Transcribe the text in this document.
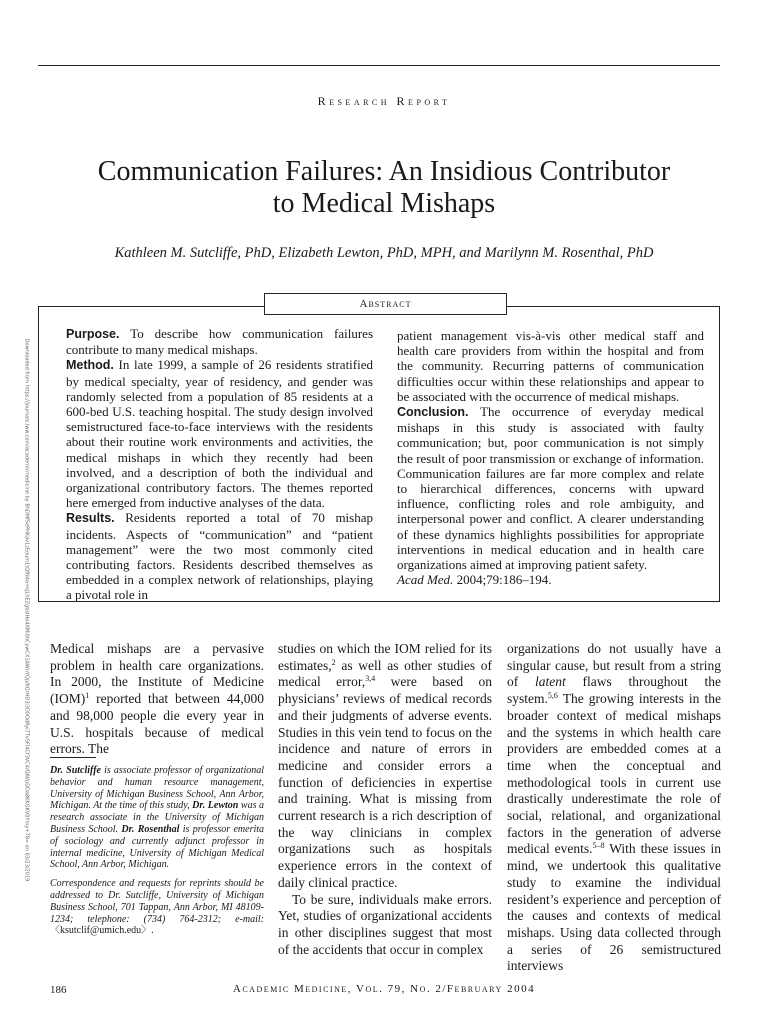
Research Report
Communication Failures: An Insidious Contributor
to Medical Mishaps
Kathleen M. Sutcliffe, PhD, Elizabeth Lewton, PhD, MPH, and Marilynn M. Rosenthal, PhD
Downloaded from https://journals.lww.com/academicmedicine by BhDMf5ePHKav1zEoum1tQfN4a+kJLhEZgbsIHo4XMi0hCywCX1AWnYQp/IlQrHD3i3D0OdRyi7TvSFl4Cf3VC4/OAVpDDa8KKGKV0Ymy+78= on 03/23/2019
Abstract

Purpose. To describe how communication failures contribute to many medical mishaps.

Method. In late 1999, a sample of 26 residents stratified by medical specialty, year of residency, and gender was randomly selected from a population of 85 residents at a 600-bed U.S. teaching hospital. The study design involved semistructured face-to-face interviews with the residents about their routine work environments and activities, the medical mishaps in which they recently had been involved, and a description of both the individual and organizational contributory factors. The themes reported here emerged from inductive analyses of the data.

Results. Residents reported a total of 70 mishap incidents. Aspects of “communication” and “patient management” were the two most commonly cited contributing factors. Residents described themselves as embedded in a complex network of relationships, playing a pivotal role in

patient management vis-à-vis other medical staff and health care providers from within the hospital and from the community. Recurring patterns of communication difficulties occur within these relationships and appear to be associated with the occurrence of medical mishaps.

Conclusion. The occurrence of everyday medical mishaps in this study is associated with faulty communication; but, poor communication is not simply the result of poor transmission or exchange of information. Communication failures are far more complex and relate to hierarchical differences, concerns with upward influence, conflicting roles and role ambiguity, and interpersonal power and conflict. A clearer understanding of these dynamics highlights possibilities for appropriate interventions in medical education and in health care organizations aimed at improving patient safety.

Acad Med. 2004;79:186–194.

Medical mishaps are a pervasive problem in health care organizations. In 2000, the Institute of Medicine (IOM)$^1$ reported that between 44,000 and 98,000 people die every year in U.S. hospitals because of medical errors. The

Dr. Sutcliffe is associate professor of organizational behavior and human resource management, University of Michigan Business School, Ann Arbor, Michigan. At the time of this study, Dr. Lewton was a research associate in the University of Michigan Business School. Dr. Rosenthal is professor emerita of sociology and currently adjunct professor in internal medicine, University of Michigan Medical School, Ann Arbor, Michigan.

Correspondence and requests for reprints should be addressed to Dr. Sutcliffe, University of Michigan Business School, 701 Tappan, Ann Arbor, MI 48109-1234; telephone: (734) 764-2312; e-mail: 〈ksutclif@umich.edu〉.

studies on which the IOM relied for its estimates,$^2$ as well as other studies of medical error,$^{3,4}$ were based on physicians’ reviews of medical records and their judgments of adverse events. Studies in this vein tend to focus on the incidence and nature of errors in medicine and consider errors a function of deficiencies in expertise and training. What is missing from current research is a rich description of the way clinicians in complex organizations such as hospitals experience errors in the context of daily clinical practice.

To be sure, individuals make errors. Yet, studies of organizational accidents in other disciplines suggest that most of the accidents that occur in complex

organizations do not usually have a singular cause, but result from a string of latent flaws throughout the system.$^{5,6}$ The growing interests in the broader context of medical mishaps and the systems in which health care providers are embedded comes at a time when the conceptual and methodological tools in current use drastically underestimate the role of social, relational, and organizational factors in the generation of adverse medical events.$^{5-8}$ With these issues in mind, we undertook this qualitative study to examine the individual resident’s experience and perception of the causes and contexts of medical mishaps. Using data collected through a series of 26 semistructured interviews

186	Academic Medicine, Vol. 79, No. 2/February 2004
